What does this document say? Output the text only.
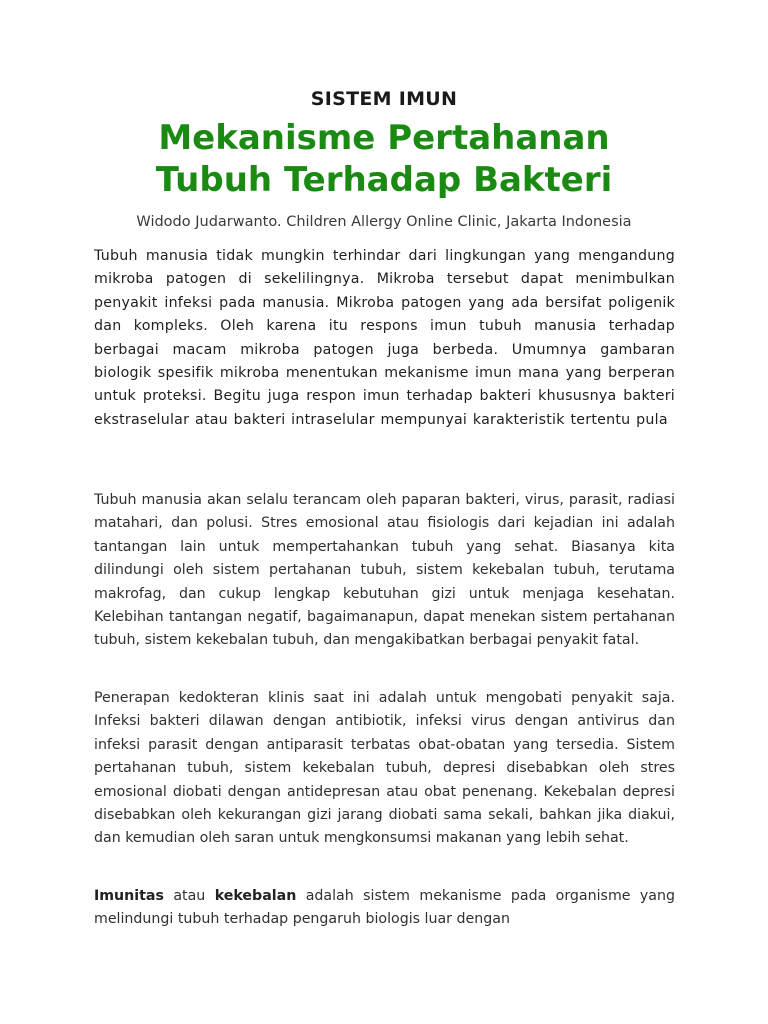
SISTEM IMUN
Mekanisme Pertahanan
Tubuh Terhadap Bakteri
Widodo Judarwanto. Children Allergy Online Clinic, Jakarta Indonesia

Tubuh manusia tidak mungkin terhindar dari lingkungan yang mengandung mikroba patogen di sekelilingnya. Mikroba tersebut dapat menimbulkan penyakit infeksi pada manusia. Mikroba patogen yang ada bersifat poligenik dan kompleks. Oleh karena itu respons imun tubuh manusia terhadap berbagai macam mikroba patogen juga berbeda. Umumnya gambaran biologik spesifik mikroba menentukan mekanisme imun mana yang berperan untuk proteksi. Begitu juga respon imun terhadap bakteri khususnya bakteri ekstraselular atau bakteri intraselular mempunyai karakteristik tertentu pula

Tubuh manusia akan selalu terancam oleh paparan bakteri, virus, parasit, radiasi matahari, dan polusi. Stres emosional atau fisiologis dari kejadian ini adalah tantangan lain untuk mempertahankan tubuh yang sehat. Biasanya kita dilindungi oleh sistem pertahanan tubuh, sistem kekebalan tubuh, terutama makrofag, dan cukup lengkap kebutuhan gizi untuk menjaga kesehatan. Kelebihan tantangan negatif, bagaimanapun, dapat menekan sistem pertahanan tubuh, sistem kekebalan tubuh, dan mengakibatkan berbagai penyakit fatal.

Penerapan kedokteran klinis saat ini adalah untuk mengobati penyakit saja. Infeksi bakteri dilawan dengan antibiotik, infeksi virus dengan antivirus dan infeksi parasit dengan antiparasit terbatas obat-obatan yang tersedia. Sistem pertahanan tubuh, sistem kekebalan tubuh, depresi disebabkan oleh stres emosional diobati dengan antidepresan atau obat penenang. Kekebalan depresi disebabkan oleh kekurangan gizi jarang diobati sama sekali, bahkan jika diakui, dan kemudian oleh saran untuk mengkonsumsi makanan yang lebih sehat.

Imunitas atau kekebalan adalah sistem mekanisme pada organisme yang melindungi tubuh terhadap pengaruh biologis luar dengan
